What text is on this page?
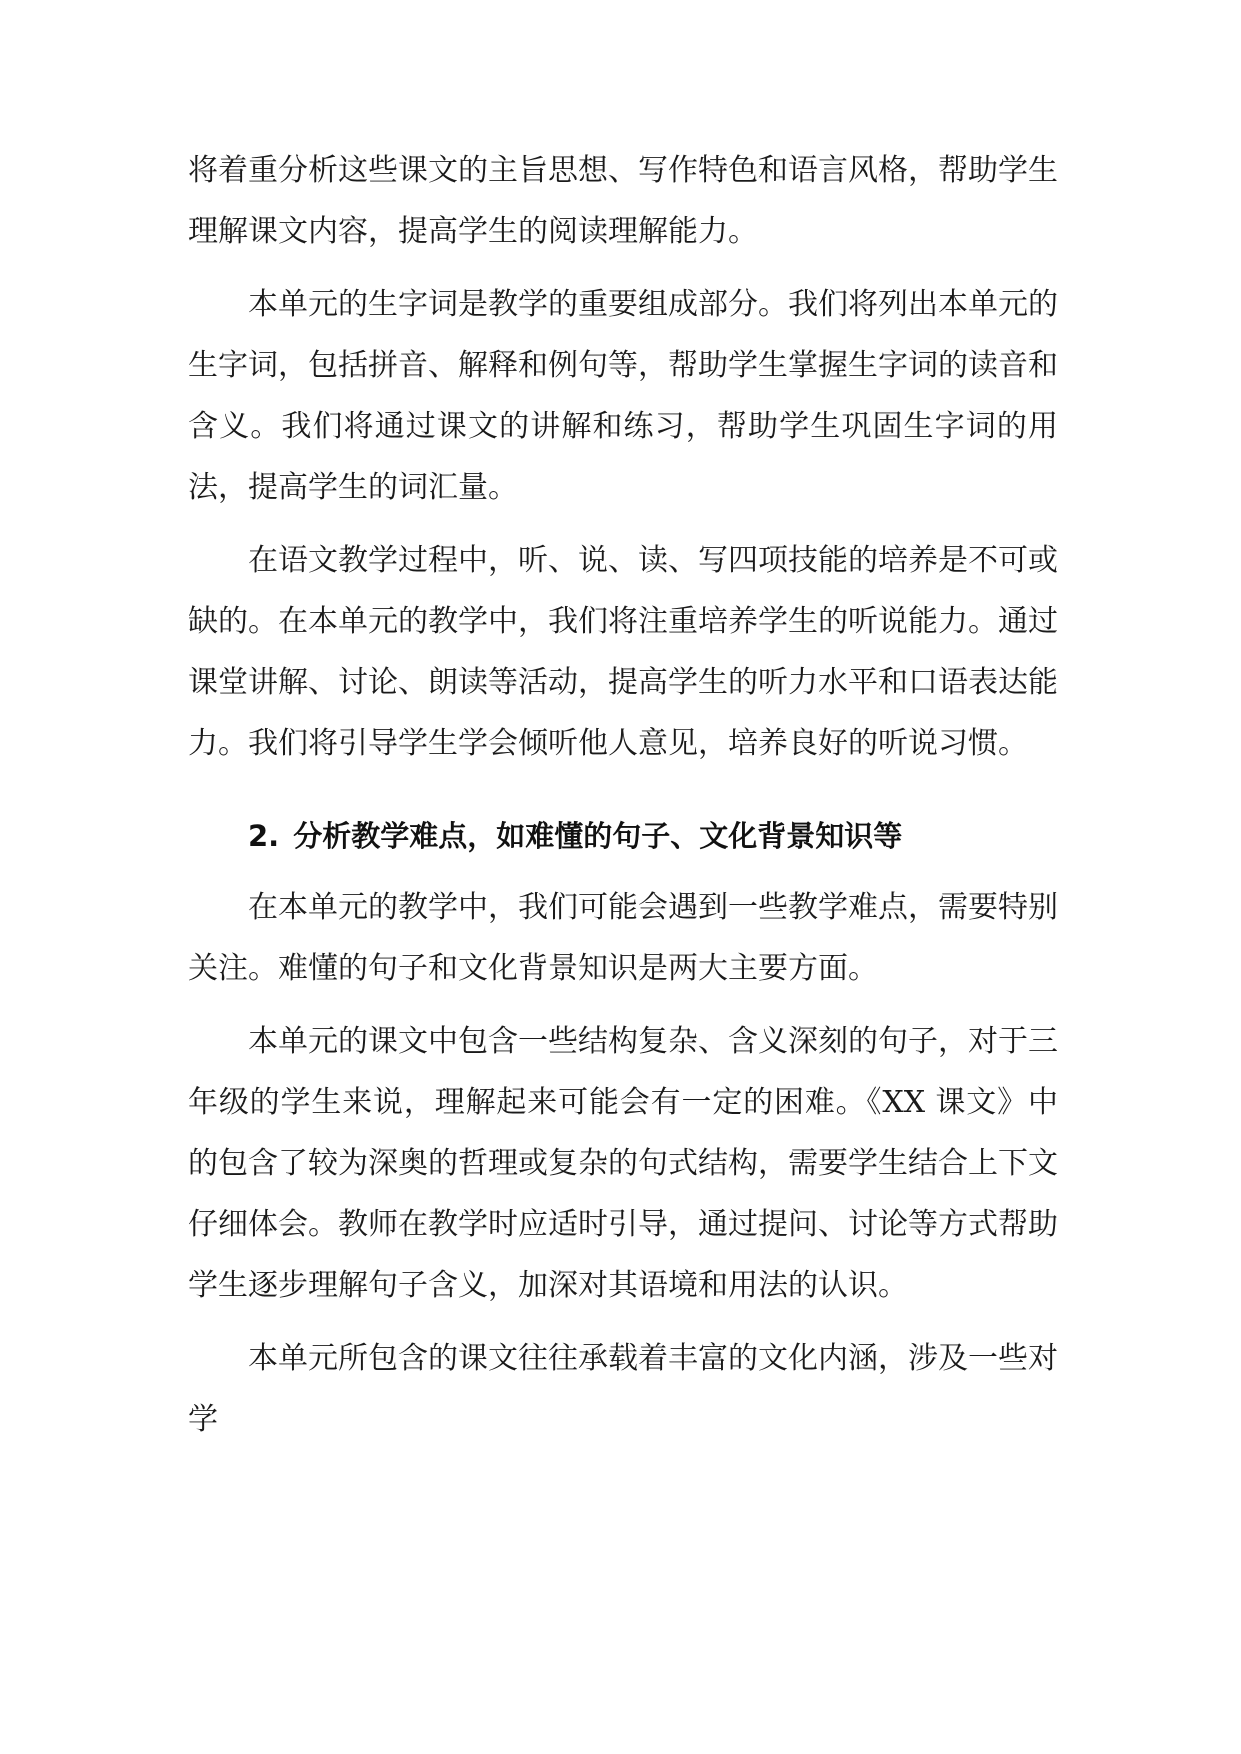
将着重分析这些课文的主旨思想、写作特色和语言风格，帮助学生理解课文内容，提高学生的阅读理解能力。

本单元的生字词是教学的重要组成部分。我们将列出本单元的生字词，包括拼音、解释和例句等，帮助学生掌握生字词的读音和含义。我们将通过课文的讲解和练习，帮助学生巩固生字词的用法，提高学生的词汇量。

在语文教学过程中，听、说、读、写四项技能的培养是不可或缺的。在本单元的教学中，我们将注重培养学生的听说能力。通过课堂讲解、讨论、朗读等活动，提高学生的听力水平和口语表达能力。我们将引导学生学会倾听他人意见，培养良好的听说习惯。

2. 分析教学难点，如难懂的句子、文化背景知识等

在本单元的教学中，我们可能会遇到一些教学难点，需要特别关注。难懂的句子和文化背景知识是两大主要方面。

本单元的课文中包含一些结构复杂、含义深刻的句子，对于三年级的学生来说，理解起来可能会有一定的困难。《XX 课文》中的包含了较为深奥的哲理或复杂的句式结构，需要学生结合上下文仔细体会。教师在教学时应适时引导，通过提问、讨论等方式帮助学生逐步理解句子含义，加深对其语境和用法的认识。

本单元所包含的课文往往承载着丰富的文化内涵，涉及一些对学
